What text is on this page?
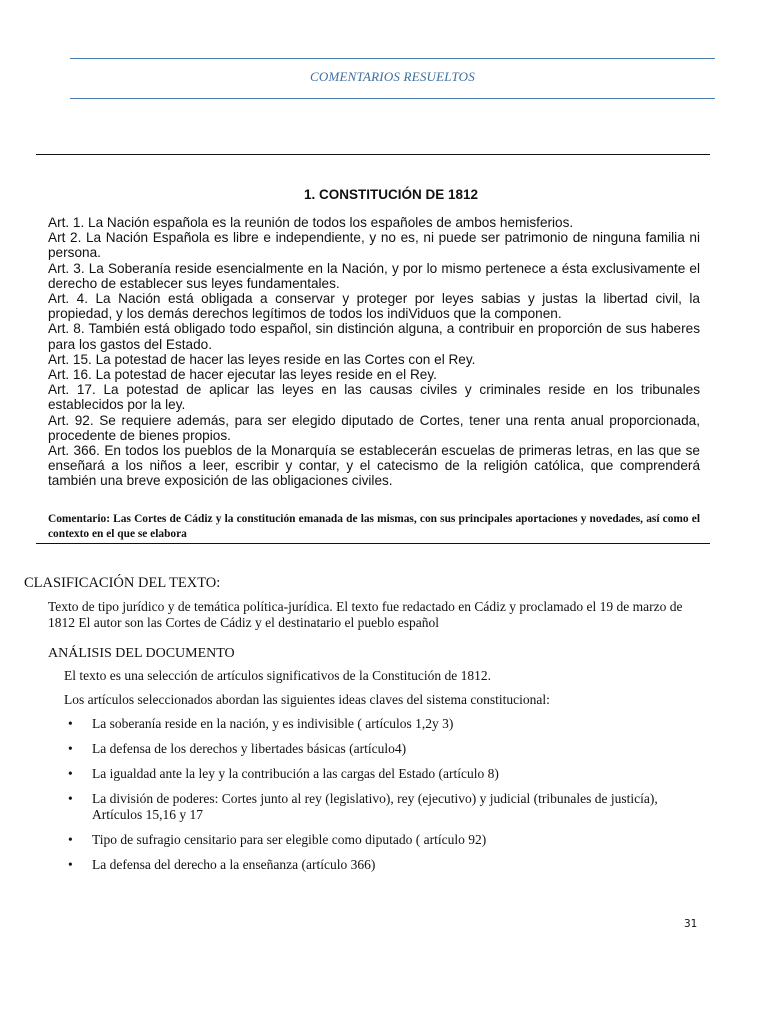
COMENTARIOS RESUELTOS
1. CONSTITUCIÓN DE 1812

Art. 1. La Nación española es la reunión de todos los españoles de ambos hemisferios.

Art 2. La Nación Española es libre e independiente, y no es, ni puede ser patrimonio de ninguna familia ni persona.

Art. 3. La Soberanía reside esencialmente en la Nación, y por lo mismo pertenece a ésta exclusivamente el derecho de establecer sus leyes fundamentales.

Art. 4. La Nación está obligada a conservar y proteger por leyes sabias y justas la libertad civil, la propiedad, y los demás derechos legítimos de todos los indiViduos que la componen.

Art. 8. También está obligado todo español, sin distinción alguna, a contribuir en proporción de sus haberes para los gastos del Estado.

Art. 15. La potestad de hacer las leyes reside en las Cortes con el Rey.

Art. 16. La potestad de hacer ejecutar las leyes reside en el Rey.

Art. 17. La potestad de aplicar las leyes en las causas civiles y criminales reside en los tribunales establecidos por la ley.

Art. 92. Se requiere además, para ser elegido diputado de Cortes, tener una renta anual proporcionada, procedente de bienes propios.

Art. 366. En todos los pueblos de la Monarquía se establecerán escuelas de primeras letras, en las que se enseñará a los niños a leer, escribir y contar, y el catecismo de la religión católica, que comprenderá también una breve exposición de las obligaciones civiles.

Comentario: Las Cortes de Cádiz y la constitución emanada de las mismas, con sus principales aportaciones y novedades, así como el contexto en el que se elabora
CLASIFICACIÓN DEL TEXTO:
Texto de tipo jurídico y de temática política-jurídica. El texto fue redactado en Cádiz y proclamado el 19 de marzo de 1812 El autor son las Cortes de Cádiz y el destinatario el pueblo español
ANÁLISIS DEL DOCUMENTO
El texto es una selección de artículos significativos de la Constitución de 1812.
Los artículos seleccionados abordan las siguientes ideas claves del sistema constitucional:
• La soberanía reside en la nación, y es indivisible ( artículos 1,2y 3)
• La defensa de los derechos y libertades básicas (artículo4)
• La igualdad ante la ley y la contribución a las cargas del Estado (artículo 8)
• La división de poderes: Cortes junto al rey (legislativo), rey (ejecutivo) y judicial (tribunales de justicía), Artículos 15,16 y 17
• Tipo de sufragio censitario para ser elegible como diputado ( artículo 92)
• La defensa del derecho a la enseñanza (artículo 366)
31
